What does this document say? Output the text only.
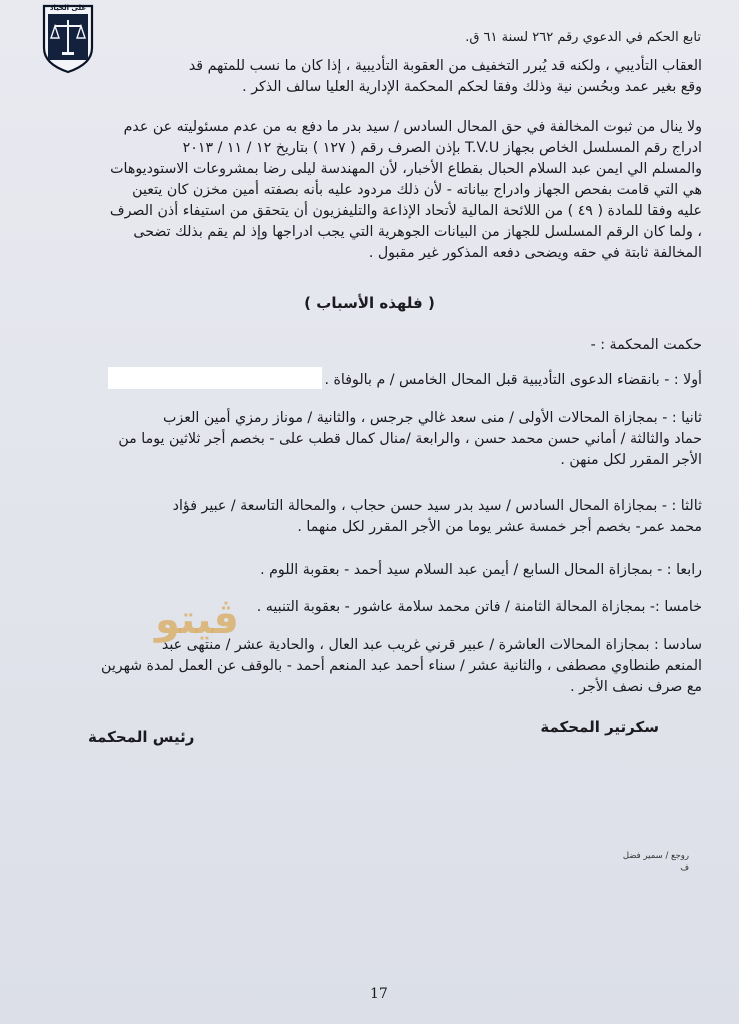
على الحياد
تابع الحكم في الدعوي رقم ٢٦٢ لسنة ٦١ ق.
العقاب التأديبي ، ولكنه قد يُبرر التخفيف من العقوبة التأديبية ، إذا كان ما نسب للمتهم قد
وقع بغير عمد وبحُسن نية وذلك وفقا لحكم المحكمة الإدارية العليا سالف الذكر .
ولا ينال من ثبوت المخالفة في حق المحال السادس / سيد بدر ما دفع به من عدم مسئوليته عن عدم
ادراج رقم المسلسل الخاص بجهاز T.V.U بإذن الصرف رقم ( ١٢٧ ) بتاريخ ١٢ / ١١ / ٢٠١٣
والمسلم الي ايمن عبد السلام الحبال بقطاع الأخبار، لأن المهندسة ليلى رضا بمشروعات الاستوديوهات
هي التي قامت بفحص الجهاز وادراج بياناته - لأن ذلك مردود عليه بأنه بصفته أمين مخزن كان يتعين
عليه وفقا للمادة ( ٤٩ ) من اللائحة المالية لأتحاد الإذاعة والتليفزيون أن يتحقق من استيفاء أذن الصرف
، ولما كان الرقم المسلسل للجهاز من البيانات الجوهرية التي يجب ادراجها وإذ لم يقم بذلك تضحى
المخالفة ثابتة في حقه ويضحى دفعه المذكور غير مقبول .
( فلهذه الأسباب )
حكمت المحكمة : -
أولا : - بانقضاء الدعوى التأديبية قبل المحال الخامس / م بالوفاة .
ثانيا : - بمجازاة المحالات الأولى / منى سعد غالي جرجس ، والثانية / موناز رمزي أمين العزب
حماد والثالثة / أماني حسن محمد حسن ، والرابعة /منال كمال قطب على - بخصم أجر ثلاثين يوما من
الأجر المقرر لكل منهن .
ثالثا : - بمجازاة المحال السادس / سيد بدر سيد حسن حجاب ، والمحالة التاسعة / عبير فؤاد
محمد عمر- بخصم أجر خمسة عشر يوما من الأجر المقرر لكل منهما .
رابعا : - بمجازاة المحال السابع / أيمن عبد السلام سيد أحمد - بعقوبة اللوم .
خامسا :- بمجازاة المحالة الثامنة / فاتن محمد سلامة عاشور - بعقوبة التنبيه .
ڤيتو
سادسا : بمجازاة المحالات العاشرة / عبير قرني غريب عبد العال ، والحادية عشر / منتهى عبد
المنعم طنطاوي مصطفى ، والثانية عشر / سناء أحمد عبد المنعم أحمد - بالوقف عن العمل لمدة شهرين
مع صرف نصف الأجر .
سكرتير المحكمة
رئيس المحكمة
روجع / سمير فضل
ف
17
